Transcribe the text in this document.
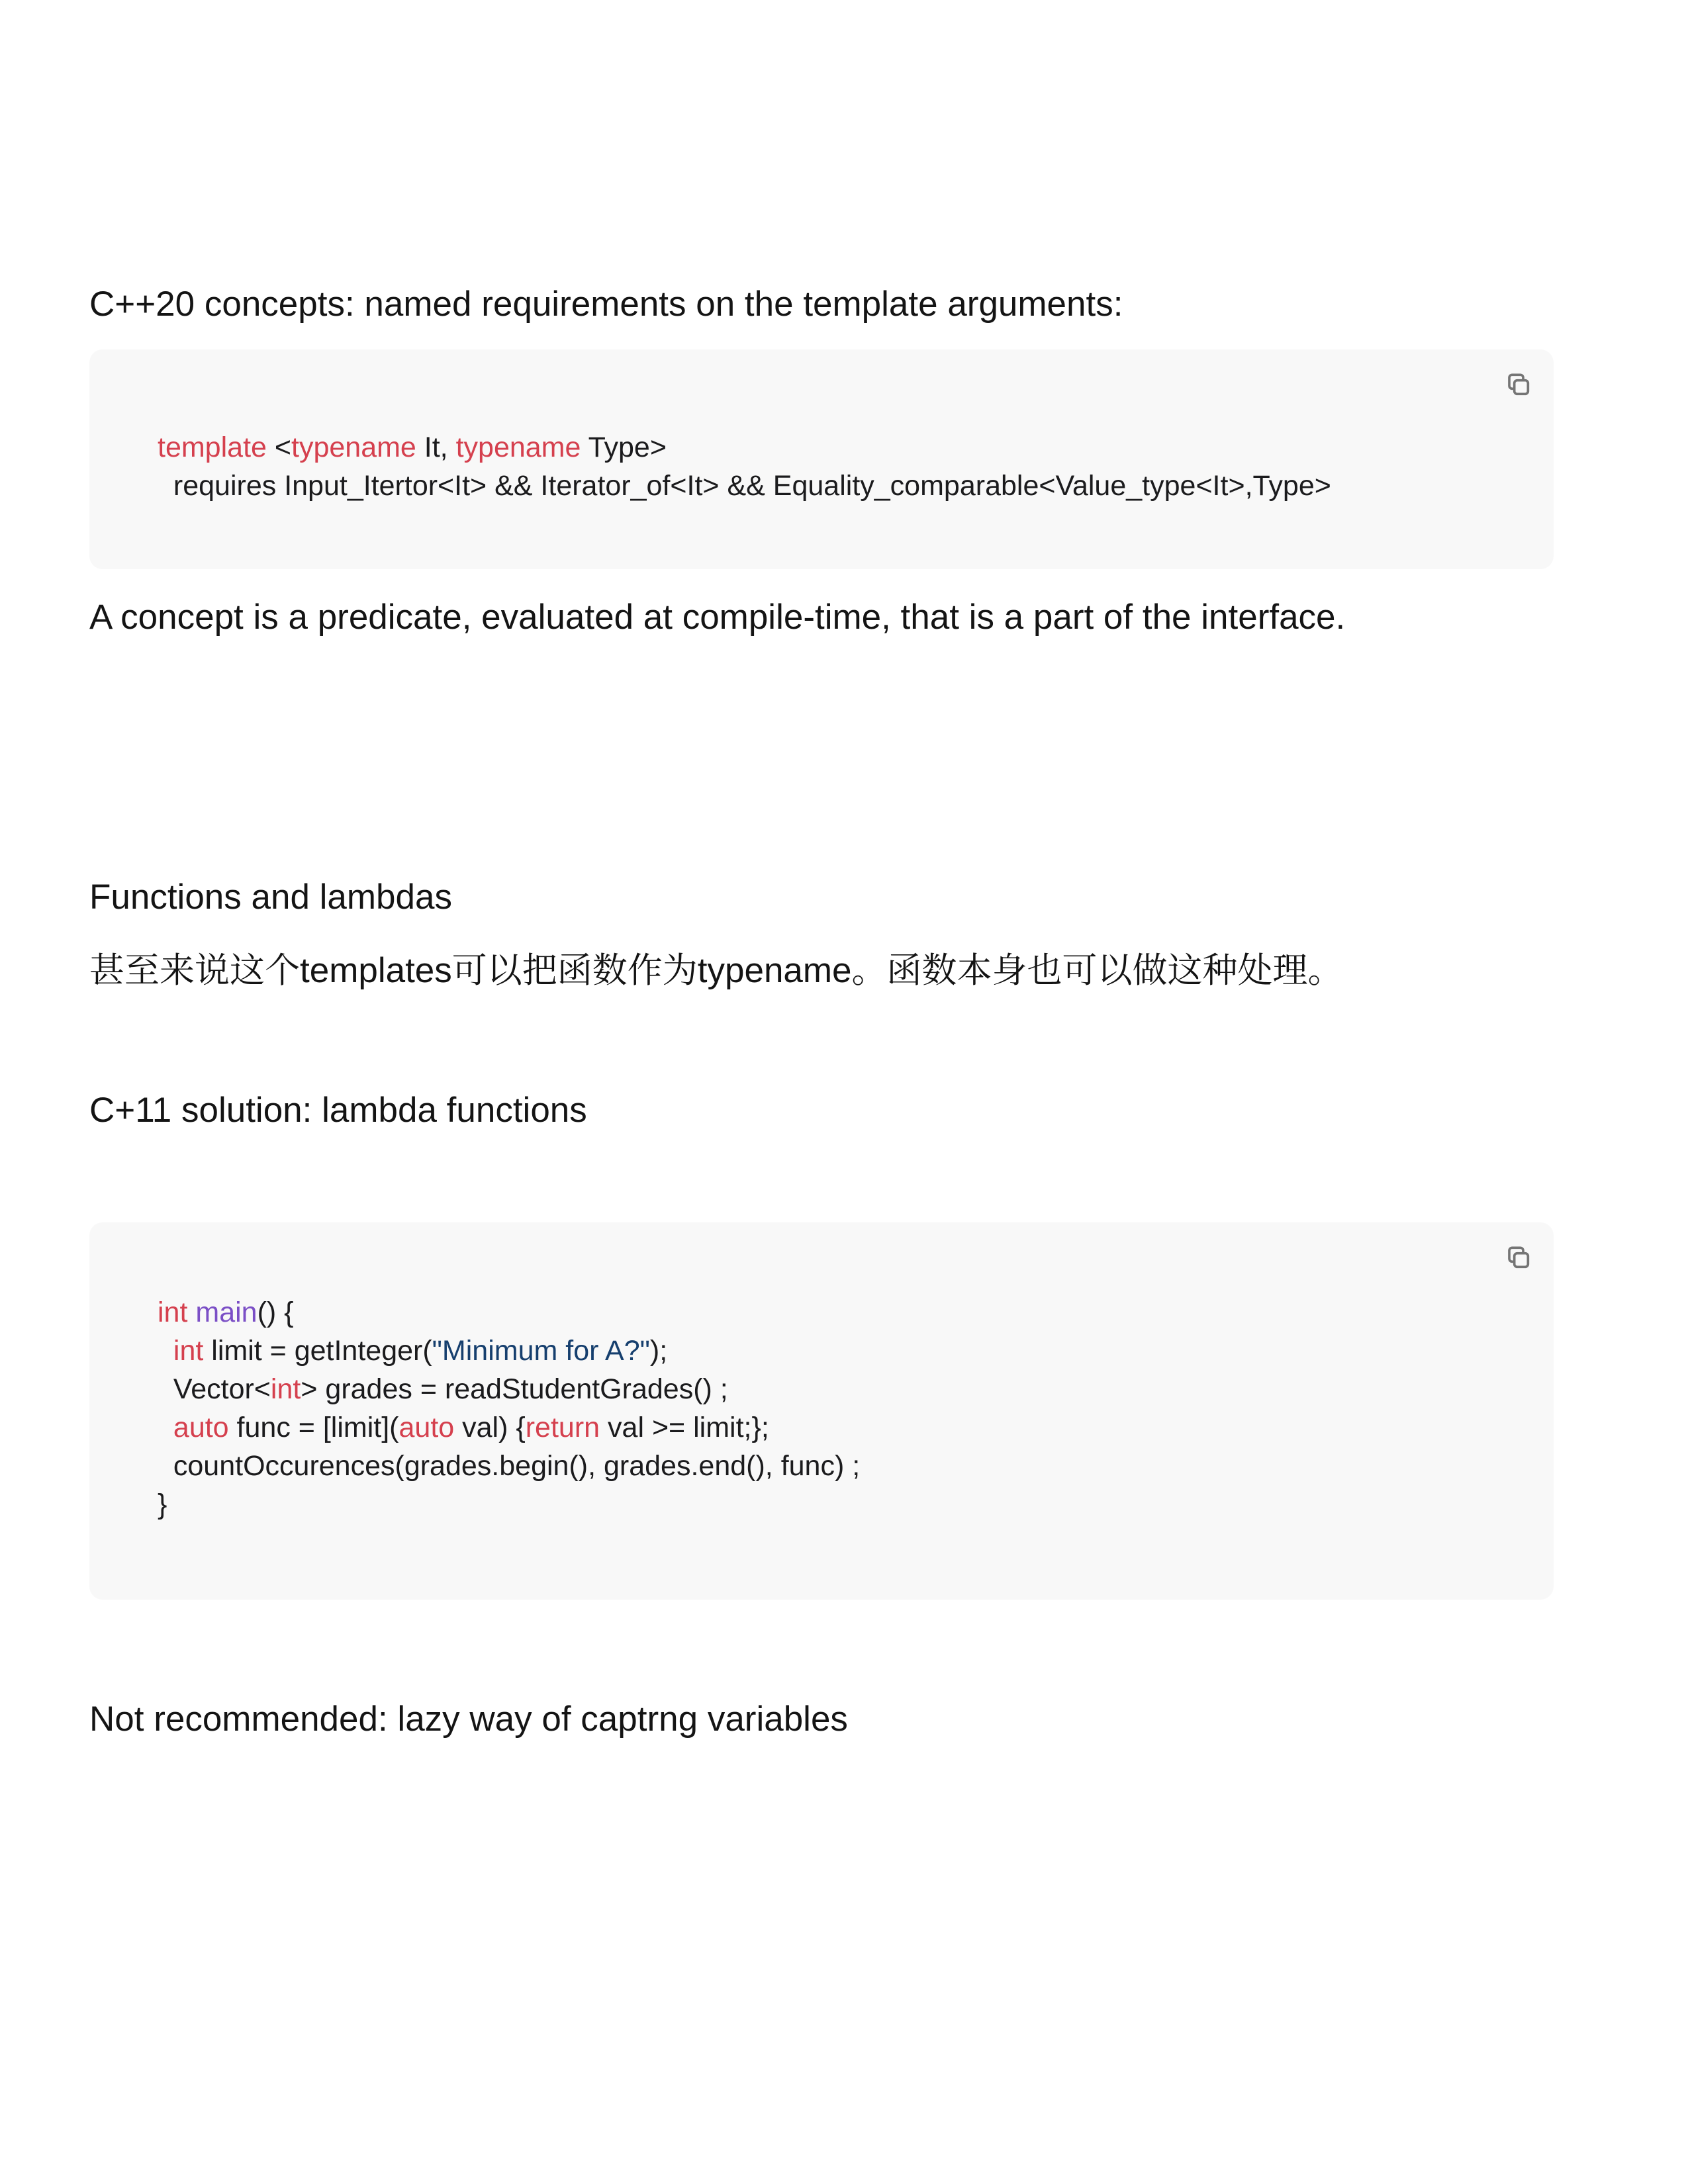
C++20 concepts: named requirements on the template arguments:
template <typename It, typename Type>
requires Input_Itertor<It> && Iterator_of<It> && Equality_comparable<Value_type<It>,Type>
A concept is a predicate, evaluated at compile-time, that is a part of the interface.
Functions and lambdas
甚至来说这个templates可以把函数作为typename。函数本身也可以做这种处理。
C+11 solution: lambda functions
int main() {
int limit = getInteger("Minimum for A?");
Vector<int> grades = readStudentGrades() ;
auto func = [limit](auto val) {return val >= limit;};
countOccurences(grades.begin(), grades.end(), func) ;
}
Not recommended: lazy way of captrng variables
